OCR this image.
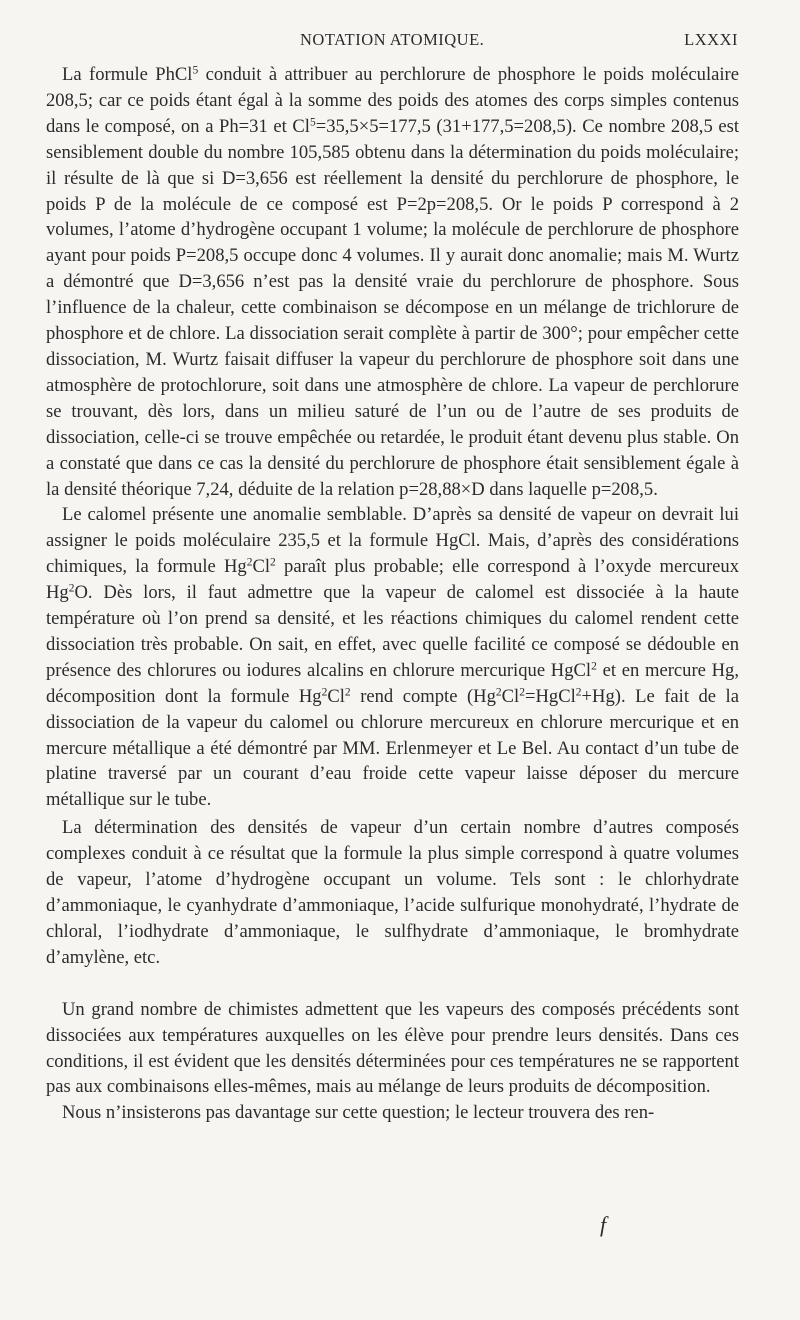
NOTATION ATOMIQUE.	LXXXI

La formule PhCl$^5$ conduit à attribuer au perchlorure de phosphore le poids moléculaire 208,5; car ce poids étant égal à la somme des poids des atomes des corps simples contenus dans le composé, on a Ph=31 et $Cl^5=35,5\times 5=177,5$ (31+177,5=208,5). Ce nombre 208,5 est sensiblement double du nombre 105,585 obtenu dans la détermination du poids moléculaire; il résulte de là que si D=3,656 est réellement la densité du perchlorure de phosphore, le poids P de la molécule de ce composé est P=2p=208,5. Or le poids P correspond à 2 volumes, l’atome d’hydrogène occupant 1 volume; la molécule de perchlorure de phosphore ayant pour poids P=208,5 occupe donc 4 volumes. Il y aurait donc anomalie; mais M. Wurtz a démontré que D=3,656 n’est pas la densité vraie du perchlorure de phosphore. Sous l’influence de la chaleur, cette combinaison se décompose en un mélange de trichlorure de phosphore et de chlore. La dissociation serait complète à partir de 300°; pour empêcher cette dissociation, M. Wurtz faisait diffuser la vapeur du perchlorure de phosphore soit dans une atmosphère de protochlorure, soit dans une atmosphère de chlore. La vapeur de perchlorure se trouvant, dès lors, dans un milieu saturé de l’un ou de l’autre de ses produits de dissociation, celle-ci se trouve empêchée ou retardée, le produit étant devenu plus stable. On a constaté que dans ce cas la densité du perchlorure de phosphore était sensiblement égale à la densité théorique 7,24, déduite de la relation p=28,88×D dans laquelle p=208,5.

Le calomel présente une anomalie semblable. D’après sa densité de vapeur on devrait lui assigner le poids moléculaire 235,5 et la formule HgCl. Mais, d’après des considérations chimiques, la formule Hg$^2$Cl$^2$ paraît plus probable; elle correspond à l’oxyde mercureux Hg$^2$O. Dès lors, il faut admettre que la vapeur de calomel est dissociée à la haute température où l’on prend sa densité, et les réactions chimiques du calomel rendent cette dissociation très probable. On sait, en effet, avec quelle facilité ce composé se dédouble en présence des chlorures ou iodures alcalins en chlorure mercurique HgCl$^2$ et en mercure Hg, décomposition dont la formule Hg$^2$Cl$^2$ rend compte $(Hg^2Cl^2=HgCl^2+Hg)$. Le fait de la dissociation de la vapeur du calomel ou chlorure mercureux en chlorure mercurique et en mercure métallique a été démontré par MM. Erlenmeyer et Le Bel. Au contact d’un tube de platine traversé par un courant d’eau froide cette vapeur laisse déposer du mercure métallique sur le tube.

La détermination des densités de vapeur d’un certain nombre d’autres composés complexes conduit à ce résultat que la formule la plus simple correspond à quatre volumes de vapeur, l’atome d’hydrogène occupant un volume. Tels sont : le chlorhydrate d’ammoniaque, le cyanhydrate d’ammoniaque, l’acide sulfurique monohydraté, l’hydrate de chloral, l’iodhydrate d’ammoniaque, le sulfhydrate d’ammoniaque, le bromhydrate d’amylène, etc.

Un grand nombre de chimistes admettent que les vapeurs des composés précédents sont dissociées aux températures auxquelles on les élève pour prendre leurs densités. Dans ces conditions, il est évident que les densités déterminées pour ces températures ne se rapportent pas aux combinaisons elles-mêmes, mais au mélange de leurs produits de décomposition.

Nous n’insisterons pas davantage sur cette question; le lecteur trouvera des ren-

f
